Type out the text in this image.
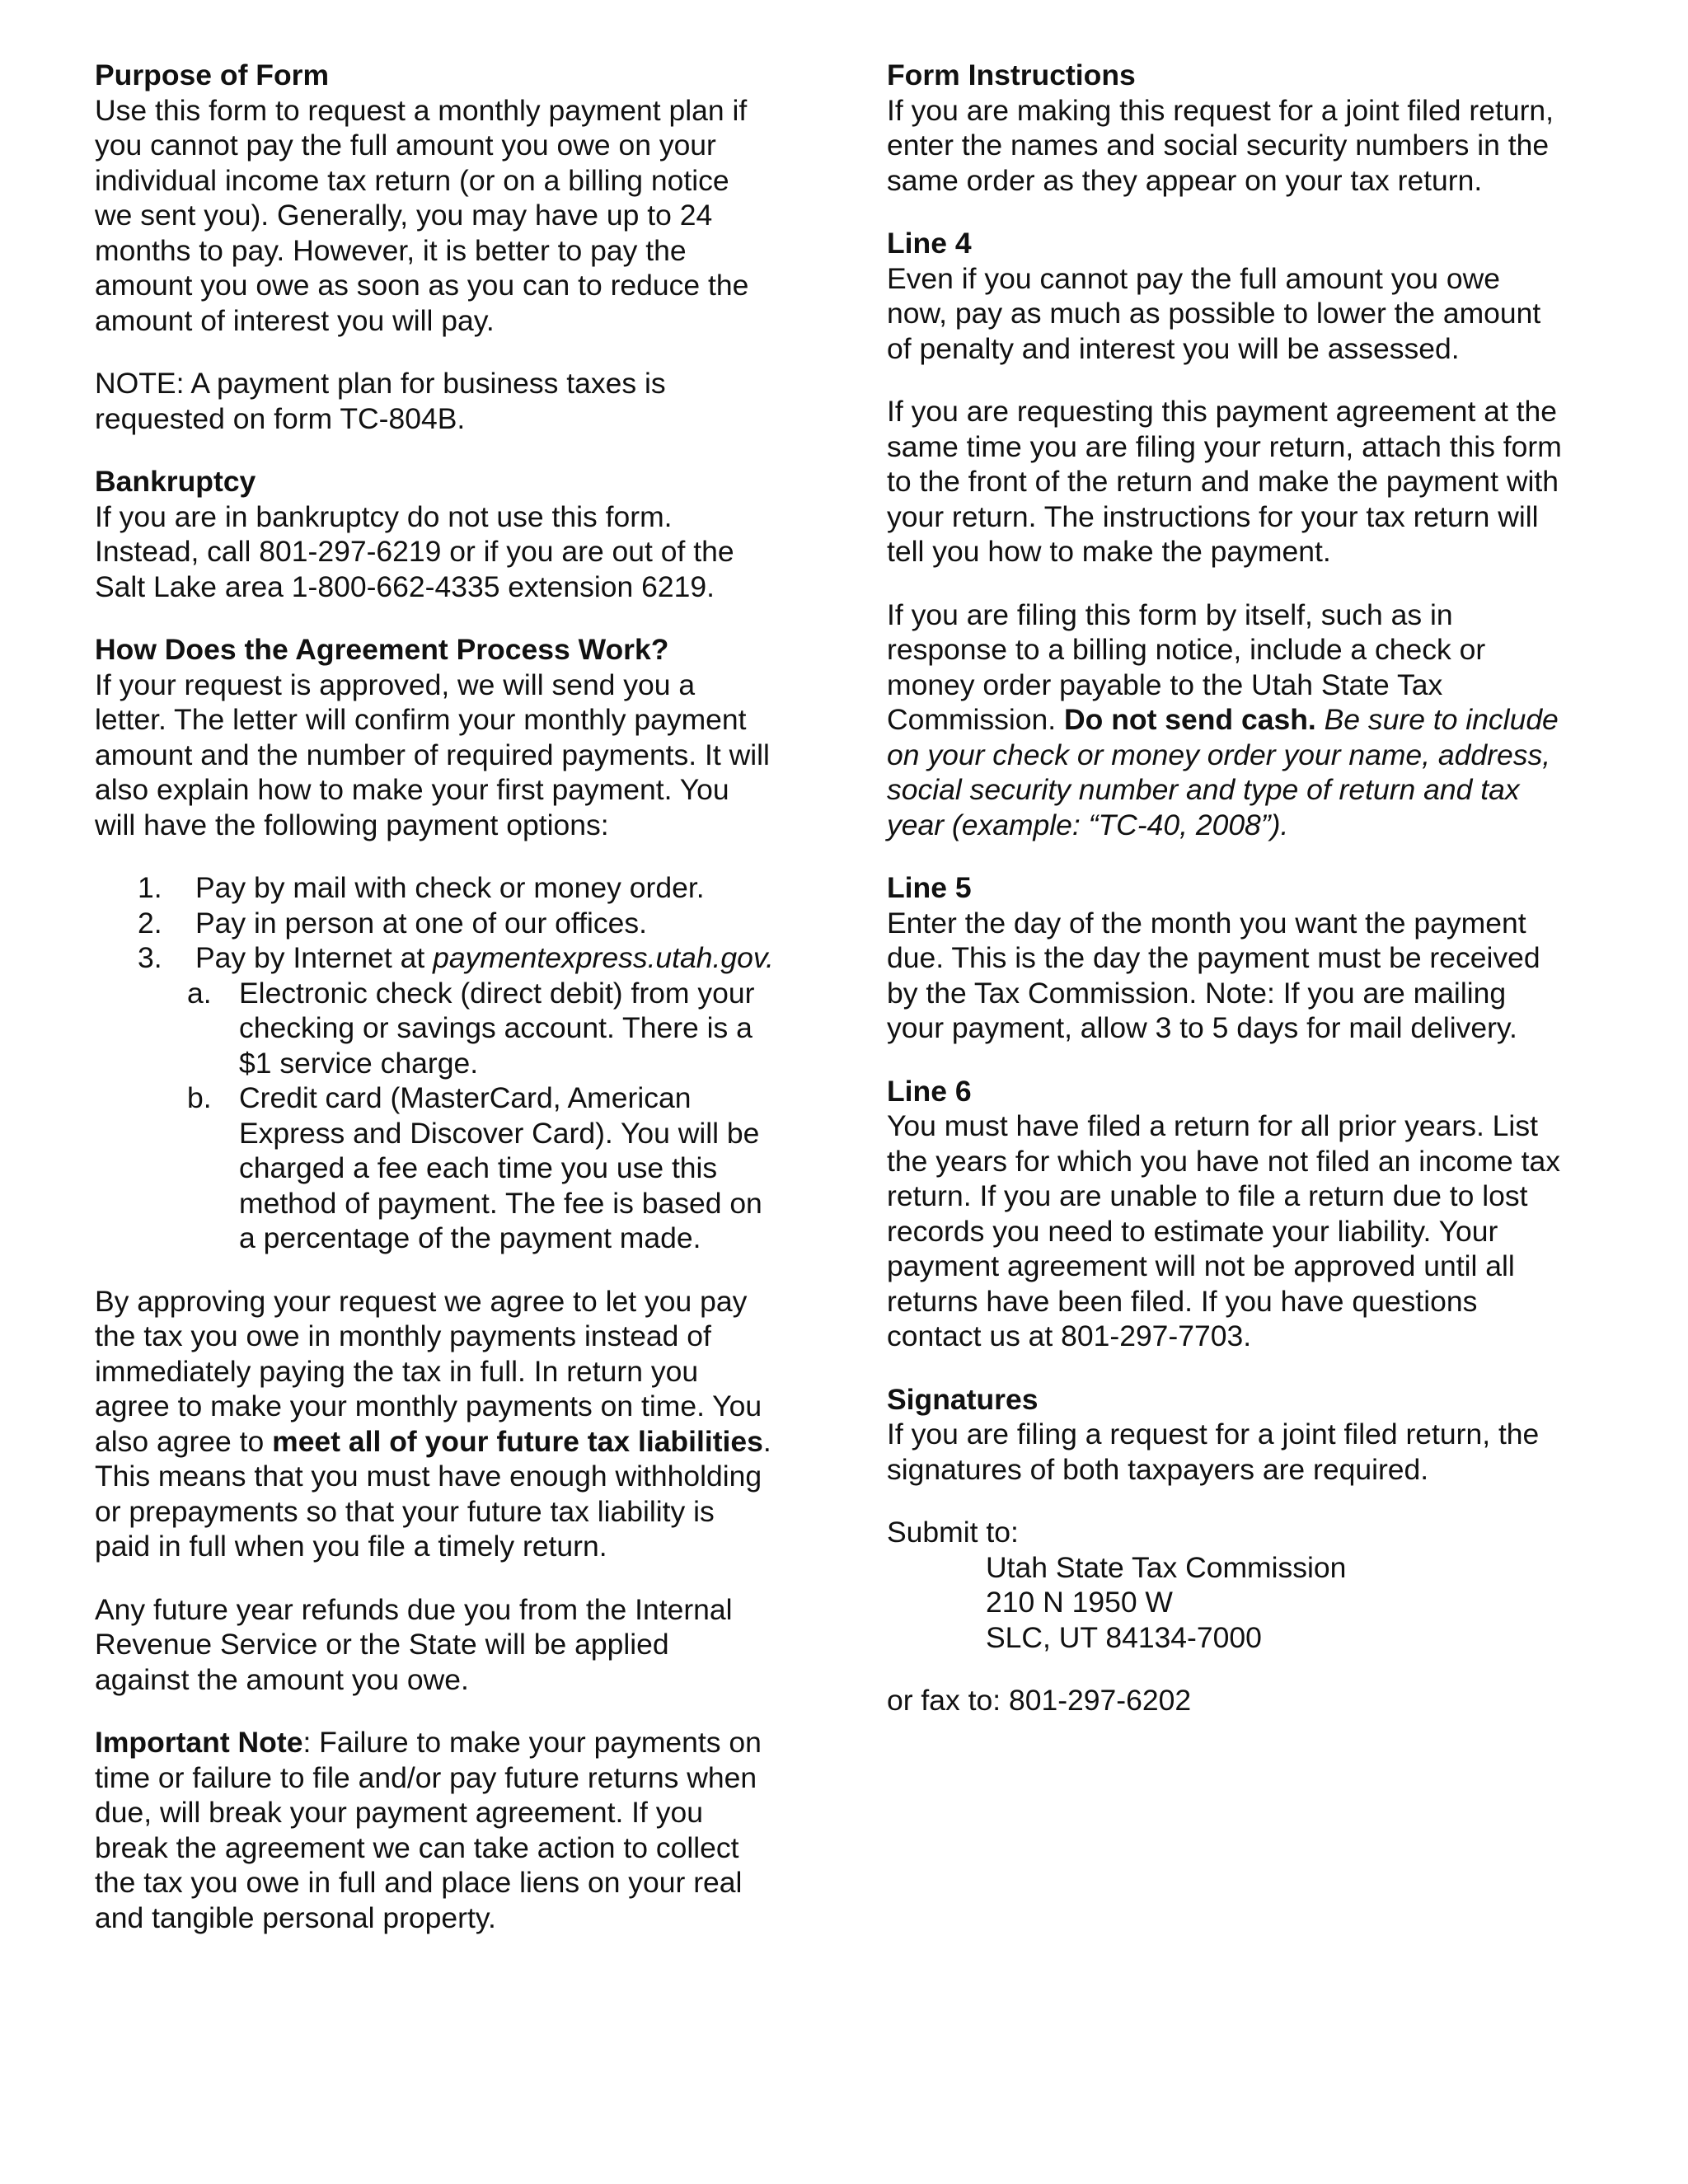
Purpose of Form
Use this form to request a monthly payment plan if
you cannot pay the full amount you owe on your
individual income tax return (or on a billing notice
we sent you). Generally, you may have up to 24
months to pay. However, it is better to pay the
amount you owe as soon as you can to reduce the
amount of interest you will pay.
NOTE: A payment plan for business taxes is
requested on form TC-804B.
Bankruptcy
If you are in bankruptcy do not use this form.
Instead, call 801-297-6219 or if you are out of the
Salt Lake area 1-800-662-4335 extension 6219.
How Does the Agreement Process Work?
If your request is approved, we will send you a
letter. The letter will confirm your monthly payment
amount and the number of required payments. It will
also explain how to make your first payment. You
will have the following payment options:
1. Pay by mail with check or money order.
2. Pay in person at one of our offices.
3. Pay by Internet at paymentexpress.utah.gov.
a. Electronic check (direct debit) from your
checking or savings account. There is a
$1 service charge.
b. Credit card (MasterCard, American
Express and Discover Card). You will be
charged a fee each time you use this
method of payment. The fee is based on
a percentage of the payment made.
By approving your request we agree to let you pay
the tax you owe in monthly payments instead of
immediately paying the tax in full. In return you
agree to make your monthly payments on time. You
also agree to meet all of your future tax liabilities.
This means that you must have enough withholding
or prepayments so that your future tax liability is
paid in full when you file a timely return.
Any future year refunds due you from the Internal
Revenue Service or the State will be applied
against the amount you owe.
Important Note: Failure to make your payments on
time or failure to file and/or pay future returns when
due, will break your payment agreement. If you
break the agreement we can take action to collect
the tax you owe in full and place liens on your real
and tangible personal property.
Form Instructions
If you are making this request for a joint filed return,
enter the names and social security numbers in the
same order as they appear on your tax return.
Line 4
Even if you cannot pay the full amount you owe
now, pay as much as possible to lower the amount
of penalty and interest you will be assessed.
If you are requesting this payment agreement at the
same time you are filing your return, attach this form
to the front of the return and make the payment with
your return. The instructions for your tax return will
tell you how to make the payment.
If you are filing this form by itself, such as in
response to a billing notice, include a check or
money order payable to the Utah State Tax
Commission. Do not send cash. Be sure to include
on your check or money order your name, address,
social security number and type of return and tax
year (example: “TC-40, 2008”).
Line 5
Enter the day of the month you want the payment
due. This is the day the payment must be received
by the Tax Commission. Note: If you are mailing
your payment, allow 3 to 5 days for mail delivery.
Line 6
You must have filed a return for all prior years. List
the years for which you have not filed an income tax
return. If you are unable to file a return due to lost
records you need to estimate your liability. Your
payment agreement will not be approved until all
returns have been filed. If you have questions
contact us at 801-297-7703.
Signatures
If you are filing a request for a joint filed return, the
signatures of both taxpayers are required.
Submit to:
Utah State Tax Commission
210 N 1950 W
SLC, UT 84134-7000
or fax to: 801-297-6202
